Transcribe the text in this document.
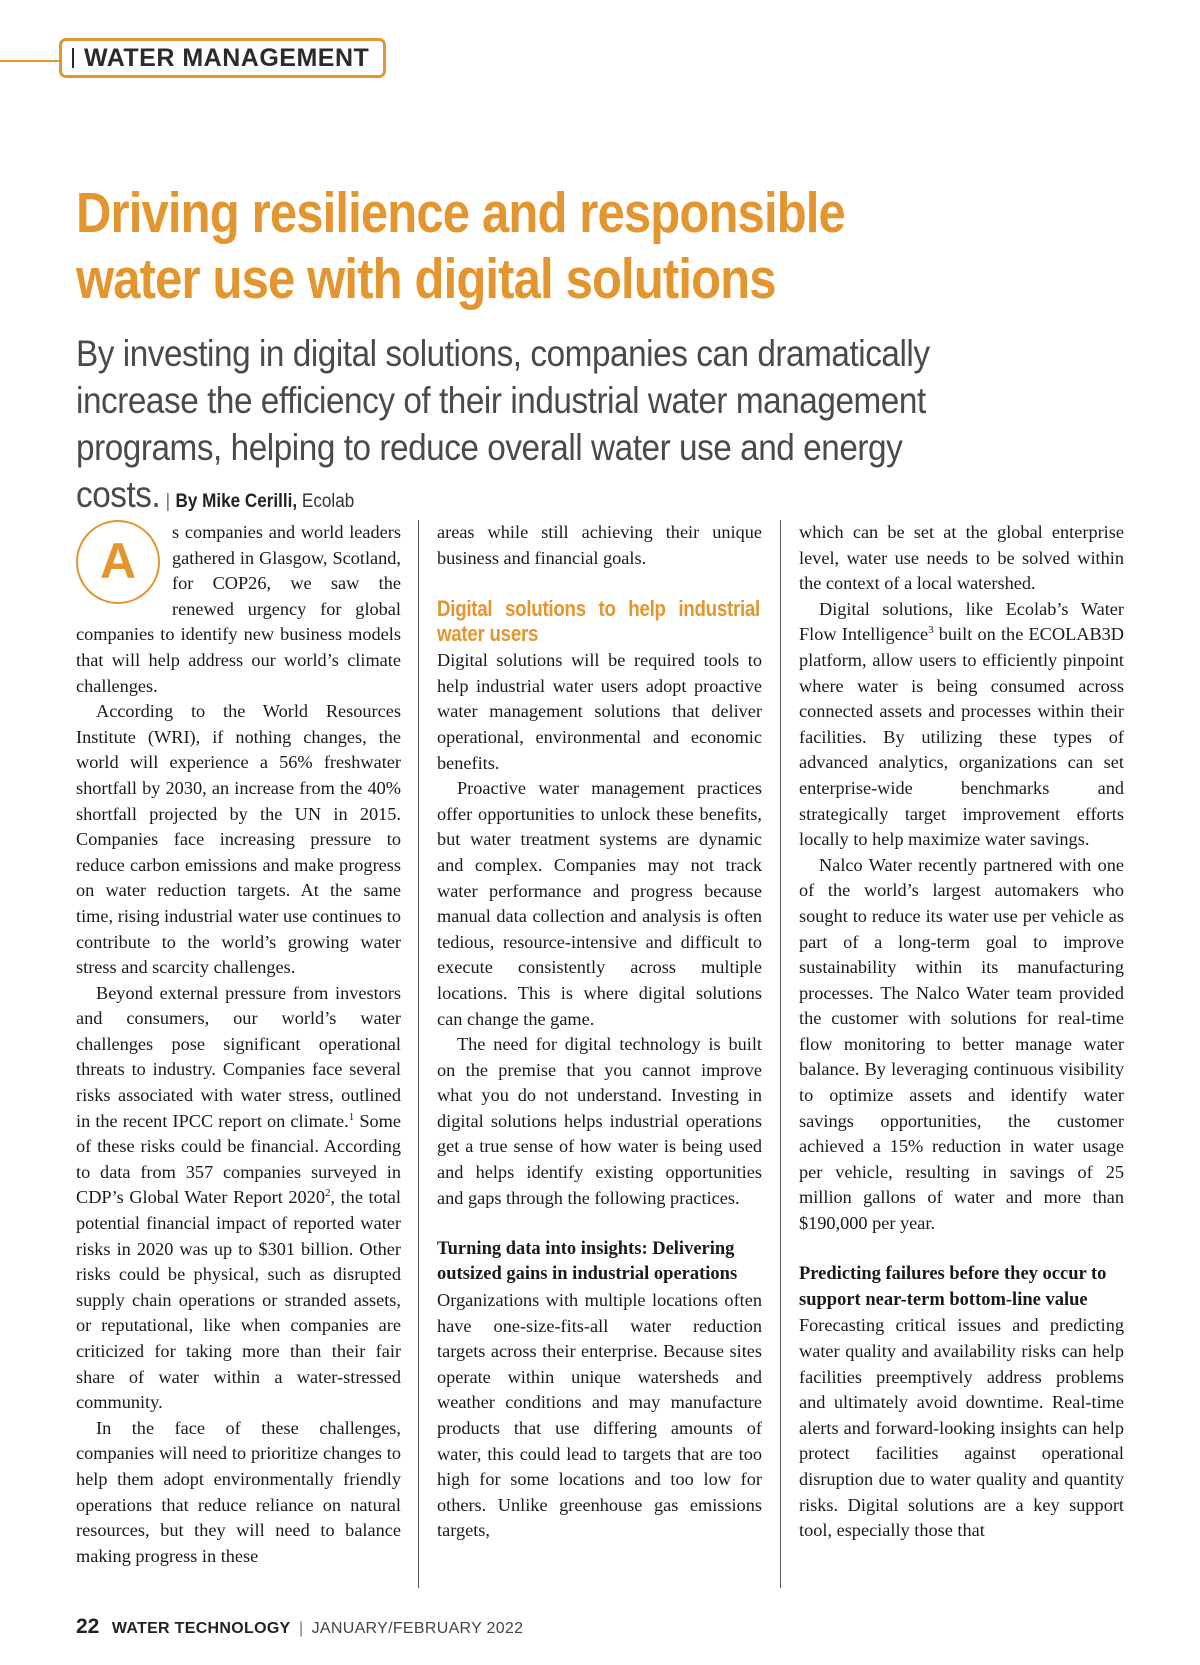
WATER MANAGEMENT
Driving resilience and responsible water use with digital solutions

By investing in digital solutions, companies can dramatically increase the efficiency of their industrial water management programs, helping to reduce overall water use and energy costs. | By Mike Cerilli, Ecolab

A

s companies and world leaders gathered in Glasgow, Scotland, for COP26, we saw the renewed urgency for global companies to identify new business models that will help address our world’s climate challenges.

According to the World Resources Institute (WRI), if nothing changes, the world will experience a 56% freshwater shortfall by 2030, an increase from the 40% shortfall projected by the UN in 2015. Companies face increasing pressure to reduce carbon emissions and make progress on water reduction targets. At the same time, rising industrial water use continues to contribute to the world’s growing water stress and scarcity challenges.

Beyond external pressure from investors and consumers, our world’s water challenges pose significant operational threats to industry. Companies face several risks associated with water stress, outlined in the recent IPCC report on climate.$^1$ Some of these risks could be financial. According to data from 357 companies surveyed in CDP’s Global Water Report 2020$^2$, the total potential financial impact of reported water risks in 2020 was up to $301 billion. Other risks could be physical, such as disrupted supply chain operations or stranded assets, or reputational, like when companies are criticized for taking more than their fair share of water within a water-stressed community.

In the face of these challenges, companies will need to prioritize changes to help them adopt environmentally friendly operations that reduce reliance on natural resources, but they will need to balance making progress in these

areas while still achieving their unique business and financial goals.

Digital solutions to help industrial water users

Digital solutions will be required tools to help industrial water users adopt proactive water management solutions that deliver operational, environmental and economic benefits.

Proactive water management practices offer opportunities to unlock these benefits, but water treatment systems are dynamic and complex. Companies may not track water performance and progress because manual data collection and analysis is often tedious, resource-intensive and difficult to execute consistently across multiple locations. This is where digital solutions can change the game.

The need for digital technology is built on the premise that you cannot improve what you do not understand. Investing in digital solutions helps industrial operations get a true sense of how water is being used and helps identify existing opportunities and gaps through the following practices.

Turning data into insights: Delivering outsized gains in industrial operations

Organizations with multiple locations often have one-size-fits-all water reduction targets across their enterprise. Because sites operate within unique watersheds and weather conditions and may manufacture products that use differing amounts of water, this could lead to targets that are too high for some locations and too low for others. Unlike greenhouse gas emissions targets,

which can be set at the global enterprise level, water use needs to be solved within the context of a local watershed.

Digital solutions, like Ecolab’s Water Flow Intelligence$^3$ built on the ECOLAB3D platform, allow users to efficiently pinpoint where water is being consumed across connected assets and processes within their facilities. By utilizing these types of advanced analytics, organizations can set enterprise-wide benchmarks and strategically target improvement efforts locally to help maximize water savings.

Nalco Water recently partnered with one of the world’s largest automakers who sought to reduce its water use per vehicle as part of a long-term goal to improve sustainability within its manufacturing processes. The Nalco Water team provided the customer with solutions for real-time flow monitoring to better manage water balance. By leveraging continuous visibility to optimize assets and identify water savings opportunities, the customer achieved a 15% reduction in water usage per vehicle, resulting in savings of 25 million gallons of water and more than $190,000 per year.

Predicting failures before they occur to support near-term bottom-line value

Forecasting critical issues and predicting water quality and availability risks can help facilities preemptively address problems and ultimately avoid downtime. Real-time alerts and forward-looking insights can help protect facilities against operational disruption due to water quality and quantity risks. Digital solutions are a key support tool, especially those that

22 WATER TECHNOLOGY | JANUARY/FEBRUARY 2022
